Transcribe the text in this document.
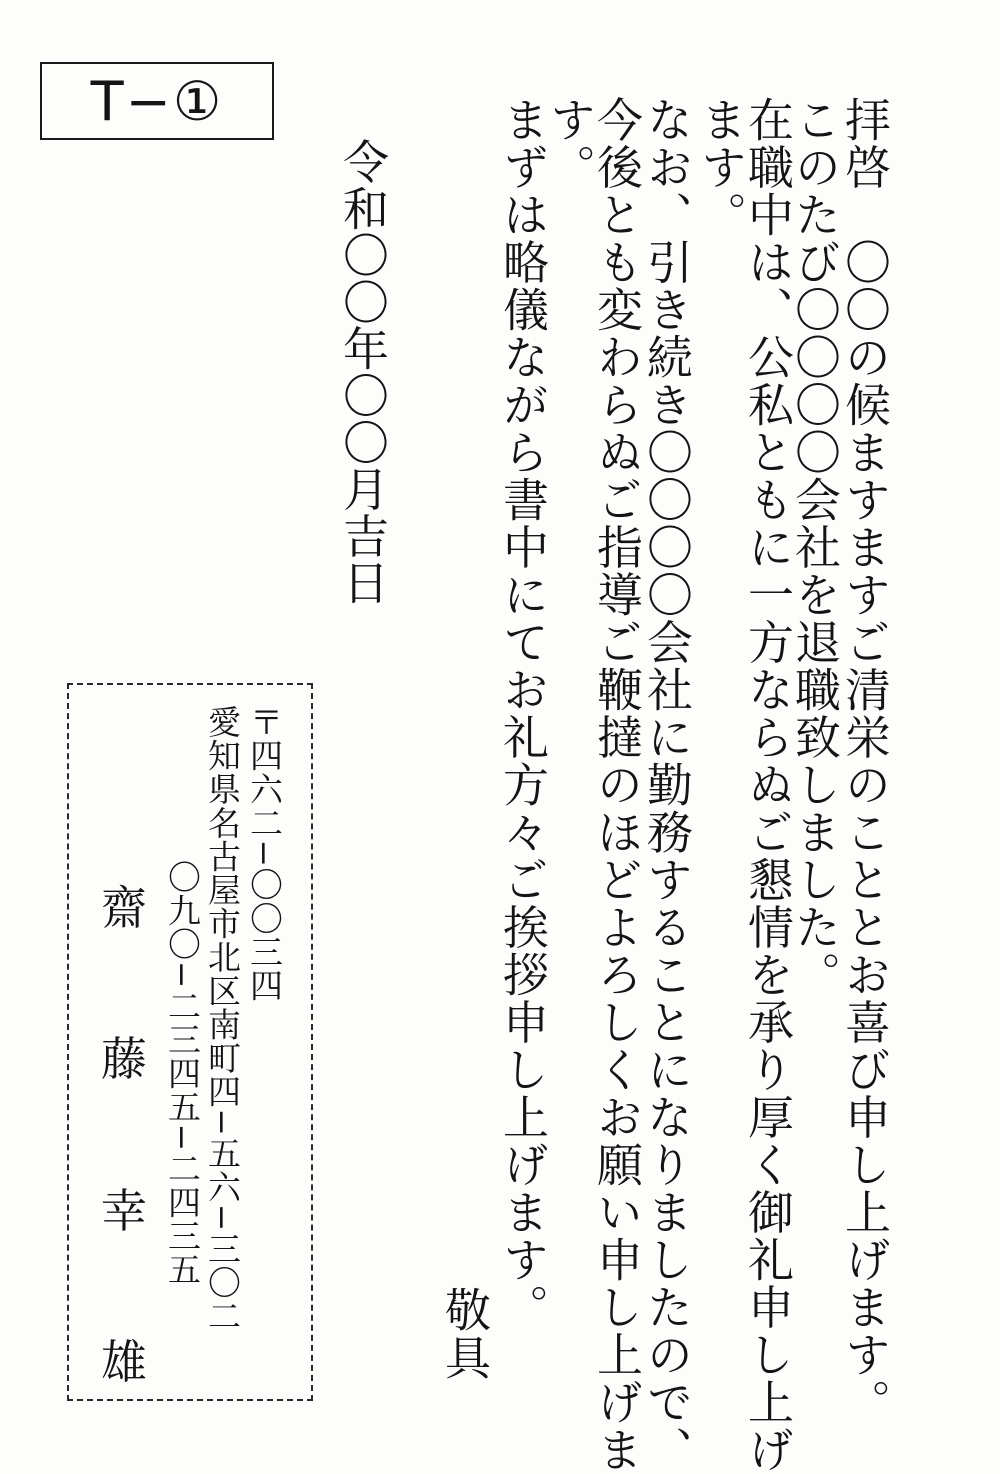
T−①	拝啓　〇〇の候ますますご清栄のこととお喜び申し上げます。
このたび〇〇〇〇会社を退職致しました。
在職中は、公私ともに一方ならぬご懇情を承り厚く御礼申し上げ
ます。
なお、引き続き〇〇〇〇会社に勤務することになりましたので、
今後とも変わらぬご指導ご鞭撻のほどよろしくお願い申し上げま
す。
まずは略儀ながら書中にてお礼方々ご挨拶申し上げます。
敬具
令和〇〇年〇〇月吉日
〒四六二−〇〇三四
愛知県名古屋市北区南町四−五六−三〇二
〇九〇−二三四五−二四三五
齋
藤
幸
雄
